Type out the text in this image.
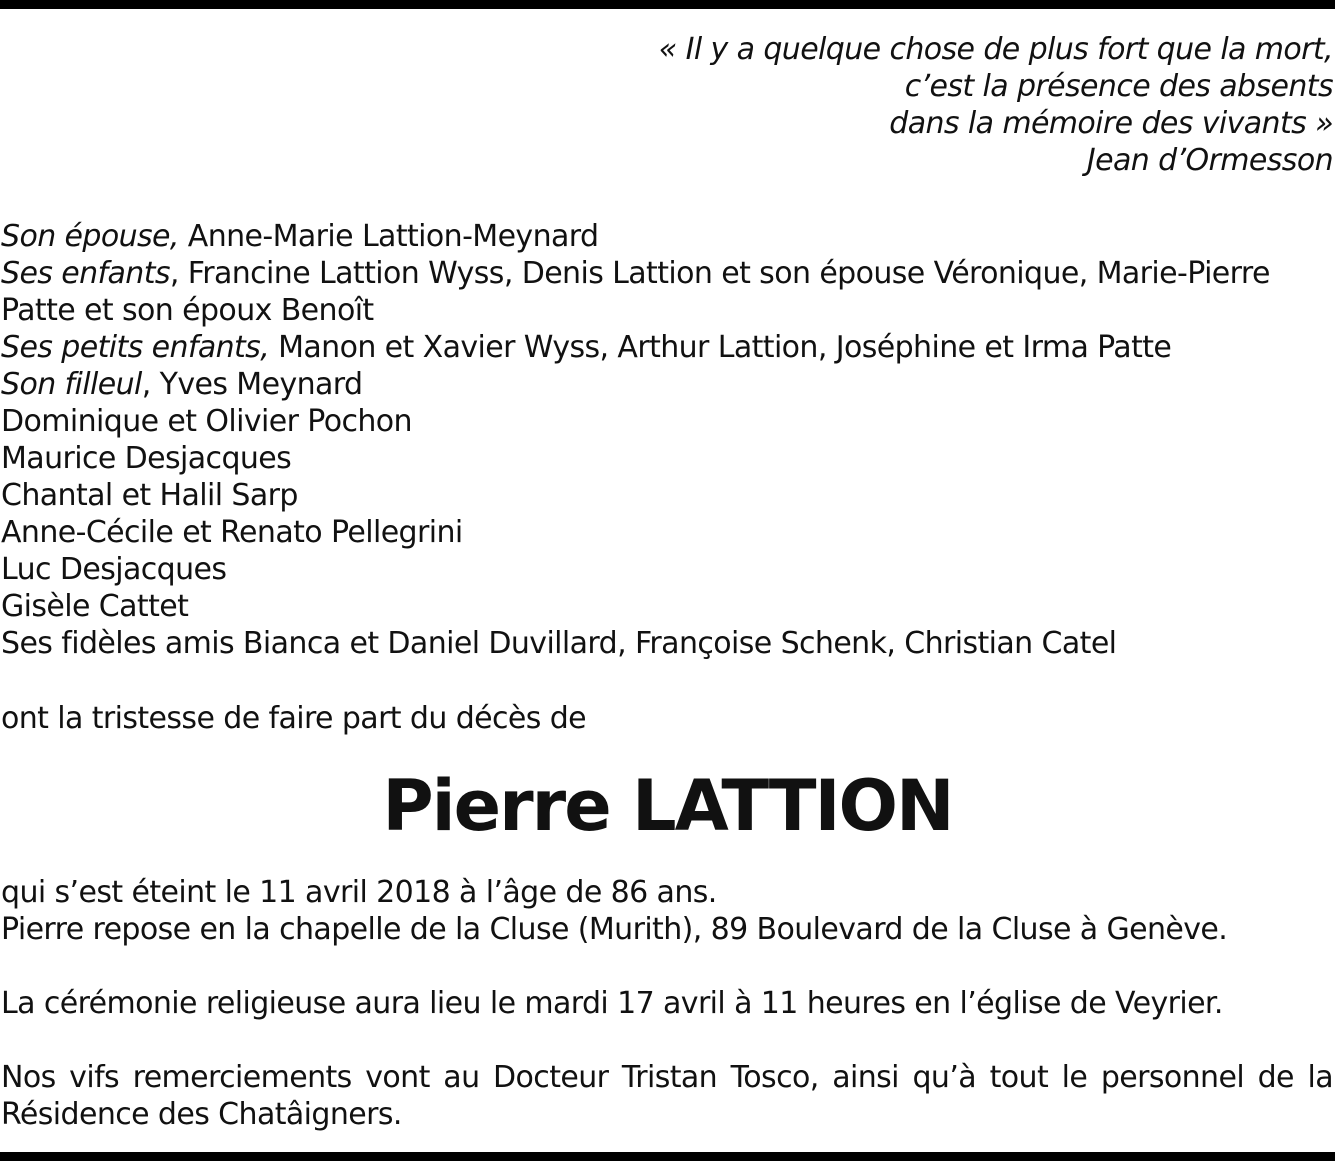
« Il y a quelque chose de plus fort que la mort,
c’est la présence des absents
dans la mémoire des vivants »
Jean d’Ormesson
Son épouse, Anne-Marie Lattion-Meynard
Ses enfants, Francine Lattion Wyss, Denis Lattion et son épouse Véronique, Marie-Pierre Patte et son époux Benoît
Ses petits enfants, Manon et Xavier Wyss, Arthur Lattion, Joséphine et Irma Patte
Son filleul, Yves Meynard
Dominique et Olivier Pochon
Maurice Desjacques
Chantal et Halil Sarp
Anne-Cécile et Renato Pellegrini
Luc Desjacques
Gisèle Cattet
Ses fidèles amis Bianca et Daniel Duvillard, Françoise Schenk, Christian Catel
ont la tristesse de faire part du décès de
Pierre LATTION
qui s’est éteint le 11 avril 2018 à l’âge de 86 ans.
Pierre repose en la chapelle de la Cluse (Murith), 89 Boulevard de la Cluse à Genève.
La cérémonie religieuse aura lieu le mardi 17 avril à 11 heures en l’église de Veyrier.
Nos vifs remerciements vont au Docteur Tristan Tosco, ainsi qu’à tout le personnel de la Résidence des Chatâigners.
